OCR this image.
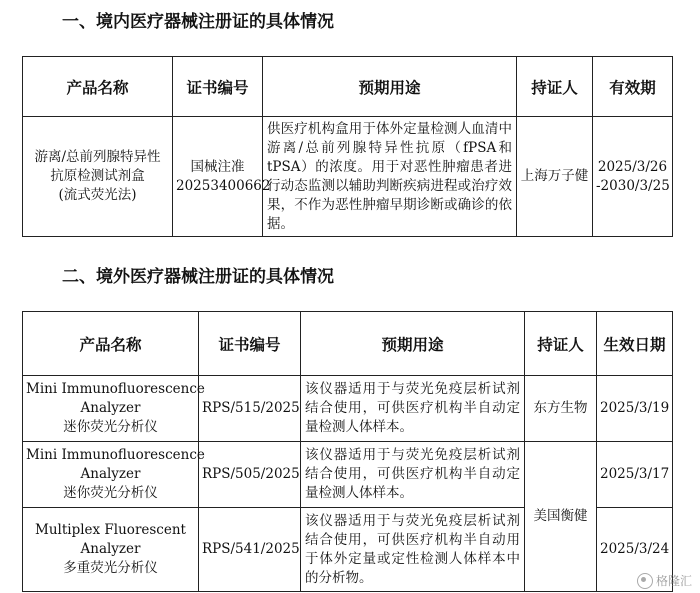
一、境内医疗器械注册证的具体情况
产品名称	证书编号	预期用途	持证人	有效期

游离/总前列腺特异性
抗原检测试剂盒
(流式荧光法)	国械注准
20253400662	供医疗机构盒用于体外定量检测人血清中游离/总前列腺特异性抗原（fPSA和tPSA）的浓度。用于对恶性肿瘤患者进行动态监测以辅助判断疾病进程或治疗效果，不作为恶性肿瘤早期诊断或确诊的依据。	上海万子健	2025/3/26
-2030/3/25
二、境外医疗器械注册证的具体情况
产品名称	证书编号	预期用途	持证人	生效日期

Mini Immunofluorescence
Analyzer
迷你荧光分析仪	RPS/515/2025	该仪器适用于与荧光免疫层析试剂结合使用，可供医疗机构半自动定量检测人体样本。	东方生物	2025/3/19

Mini Immunofluorescence
Analyzer
迷你荧光分析仪	RPS/505/2025	该仪器适用于与荧光免疫层析试剂结合使用，可供医疗机构半自动定量检测人体样本。	美国衡健	2025/3/17

Multiplex Fluorescent
Analyzer
多重荧光分析仪	RPS/541/2025	该仪器适用于与荧光免疫层析试剂结合使用，可供医疗机构半自动用于体外定量或定性检测人体样本中的分析物。		2025/3/24
格隆汇
